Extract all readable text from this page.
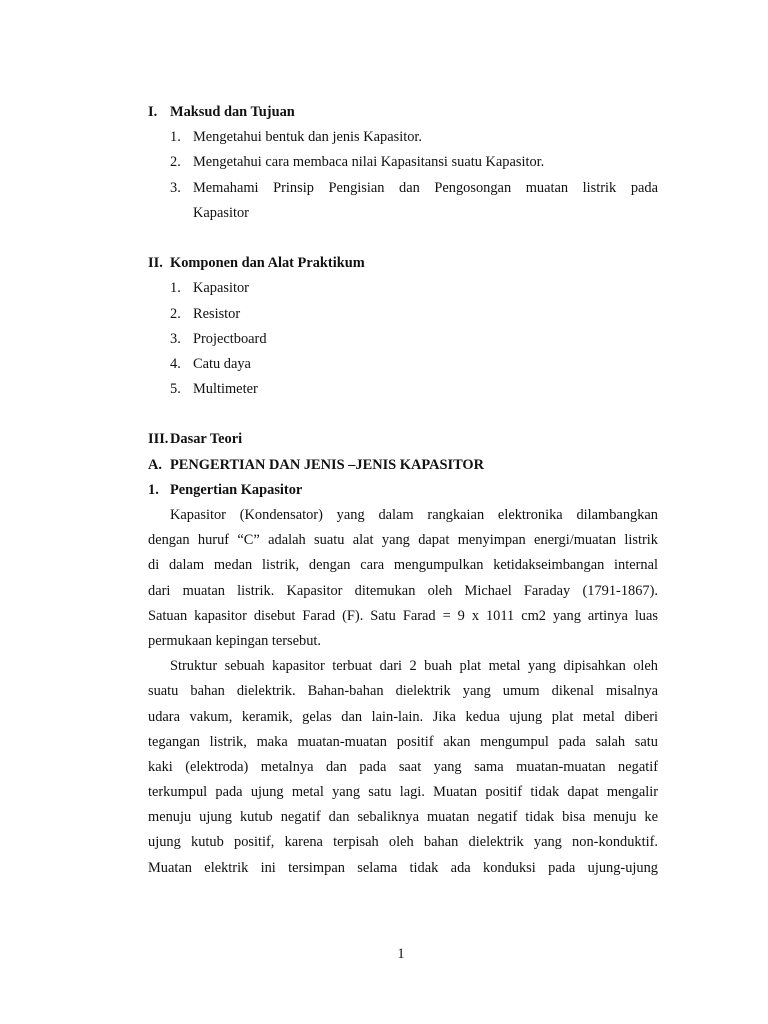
I. Maksud dan Tujuan
1. Mengetahui bentuk dan jenis Kapasitor.
2. Mengetahui cara membaca nilai Kapasitansi suatu Kapasitor.
3. Memahami Prinsip Pengisian dan Pengosongan muatan listrik pada
Kapasitor
II. Komponen dan Alat Praktikum
1. Kapasitor
2. Resistor
3. Projectboard
4. Catu daya
5. Multimeter
III. Dasar Teori
A. PENGERTIAN DAN JENIS –JENIS KAPASITOR
1. Pengertian Kapasitor
Kapasitor (Kondensator) yang dalam rangkaian elektronika dilambangkan
dengan huruf “C” adalah suatu alat yang dapat menyimpan energi/muatan listrik
di dalam medan listrik, dengan cara mengumpulkan ketidakseimbangan internal
dari muatan listrik. Kapasitor ditemukan oleh Michael Faraday (1791-1867).
Satuan kapasitor disebut Farad (F). Satu Farad = 9 x 1011 cm2 yang artinya luas
permukaan kepingan tersebut.
Struktur sebuah kapasitor terbuat dari 2 buah plat metal yang dipisahkan oleh
suatu bahan dielektrik. Bahan-bahan dielektrik yang umum dikenal misalnya
udara vakum, keramik, gelas dan lain-lain. Jika kedua ujung plat metal diberi
tegangan listrik, maka muatan-muatan positif akan mengumpul pada salah satu
kaki (elektroda) metalnya dan pada saat yang sama muatan-muatan negatif
terkumpul pada ujung metal yang satu lagi. Muatan positif tidak dapat mengalir
menuju ujung kutub negatif dan sebaliknya muatan negatif tidak bisa menuju ke
ujung kutub positif, karena terpisah oleh bahan dielektrik yang non-konduktif.
Muatan elektrik ini tersimpan selama tidak ada konduksi pada ujung-ujung
1
